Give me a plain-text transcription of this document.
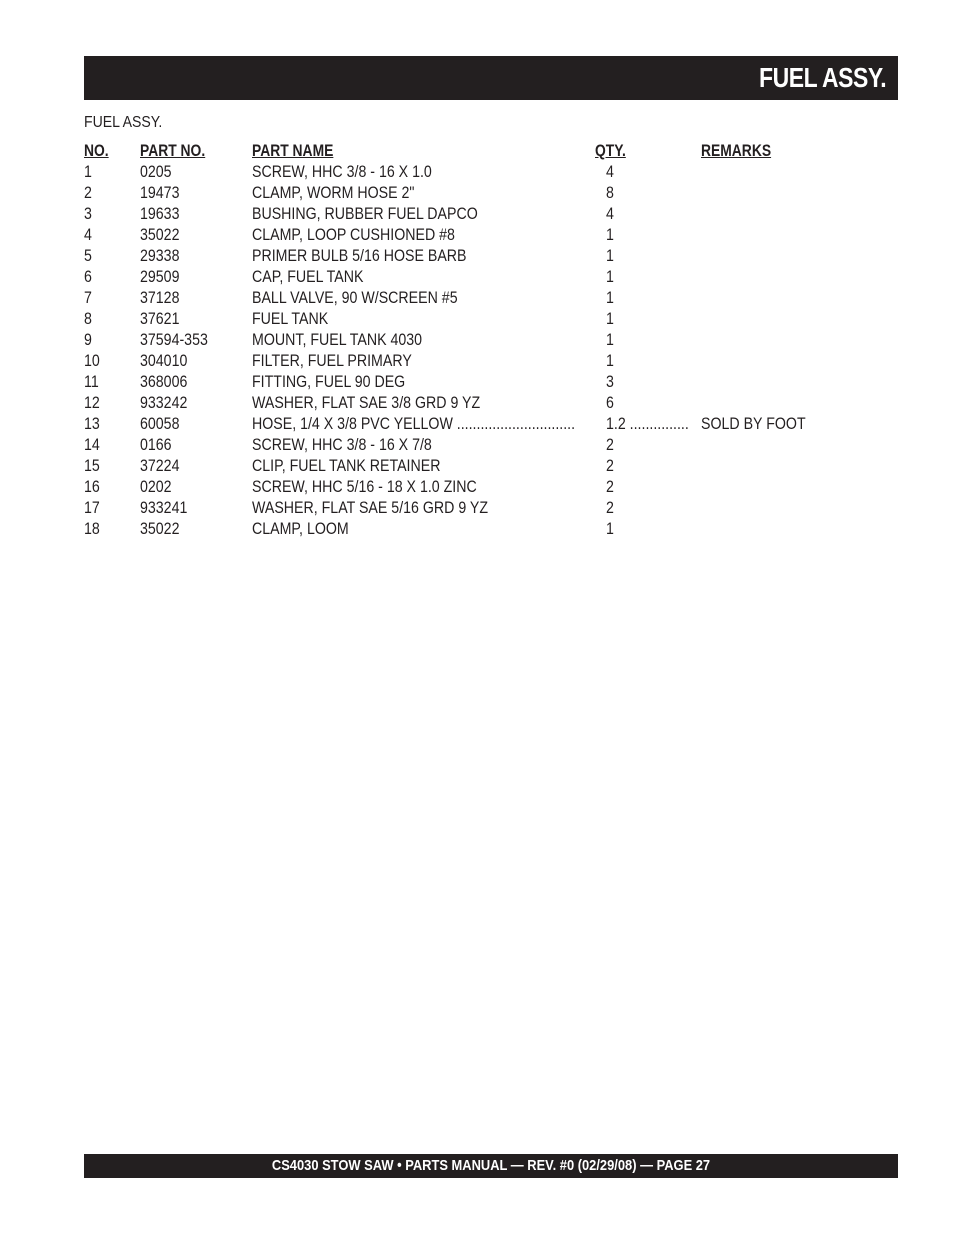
FUEL ASSY.
FUEL ASSY.
NO. PART NO.	PART NAME	QTY.	REMARKS
1	0205	SCREW, HHC 3/8 - 16 X 1.0	4
2	19473	CLAMP, WORM HOSE 2"	8
3	19633	BUSHING, RUBBER FUEL DAPCO	4
4	35022	CLAMP, LOOP CUSHIONED #8	1
5	29338	PRIMER BULB 5/16 HOSE BARB	1
6	29509	CAP, FUEL TANK	1
7	37128	BALL VALVE, 90 W/SCREEN #5	1
8	37621	FUEL TANK	1
9	37594-353	MOUNT, FUEL TANK 4030	1
10 304010	FILTER, FUEL PRIMARY	1
11	368006	FITTING, FUEL 90 DEG	3
12 933242	WASHER, FLAT SAE 3/8 GRD 9 YZ	6
13 60058	HOSE, 1/4 X 3/8 PVC YELLOW .............................. 1.2 ............... SOLD BY FOOT
14 0166	SCREW, HHC 3/8 - 16 X 7/8	2
15 37224	CLIP, FUEL TANK RETAINER	2
16 0202	SCREW, HHC 5/16 - 18 X 1.0 ZINC	2
17 933241	WASHER, FLAT SAE 5/16 GRD 9 YZ	2
18 35022	CLAMP, LOOM	1
CS4030 STOW SAW • PARTS MANUAL — REV. #0 (02/29/08) — PAGE 27
